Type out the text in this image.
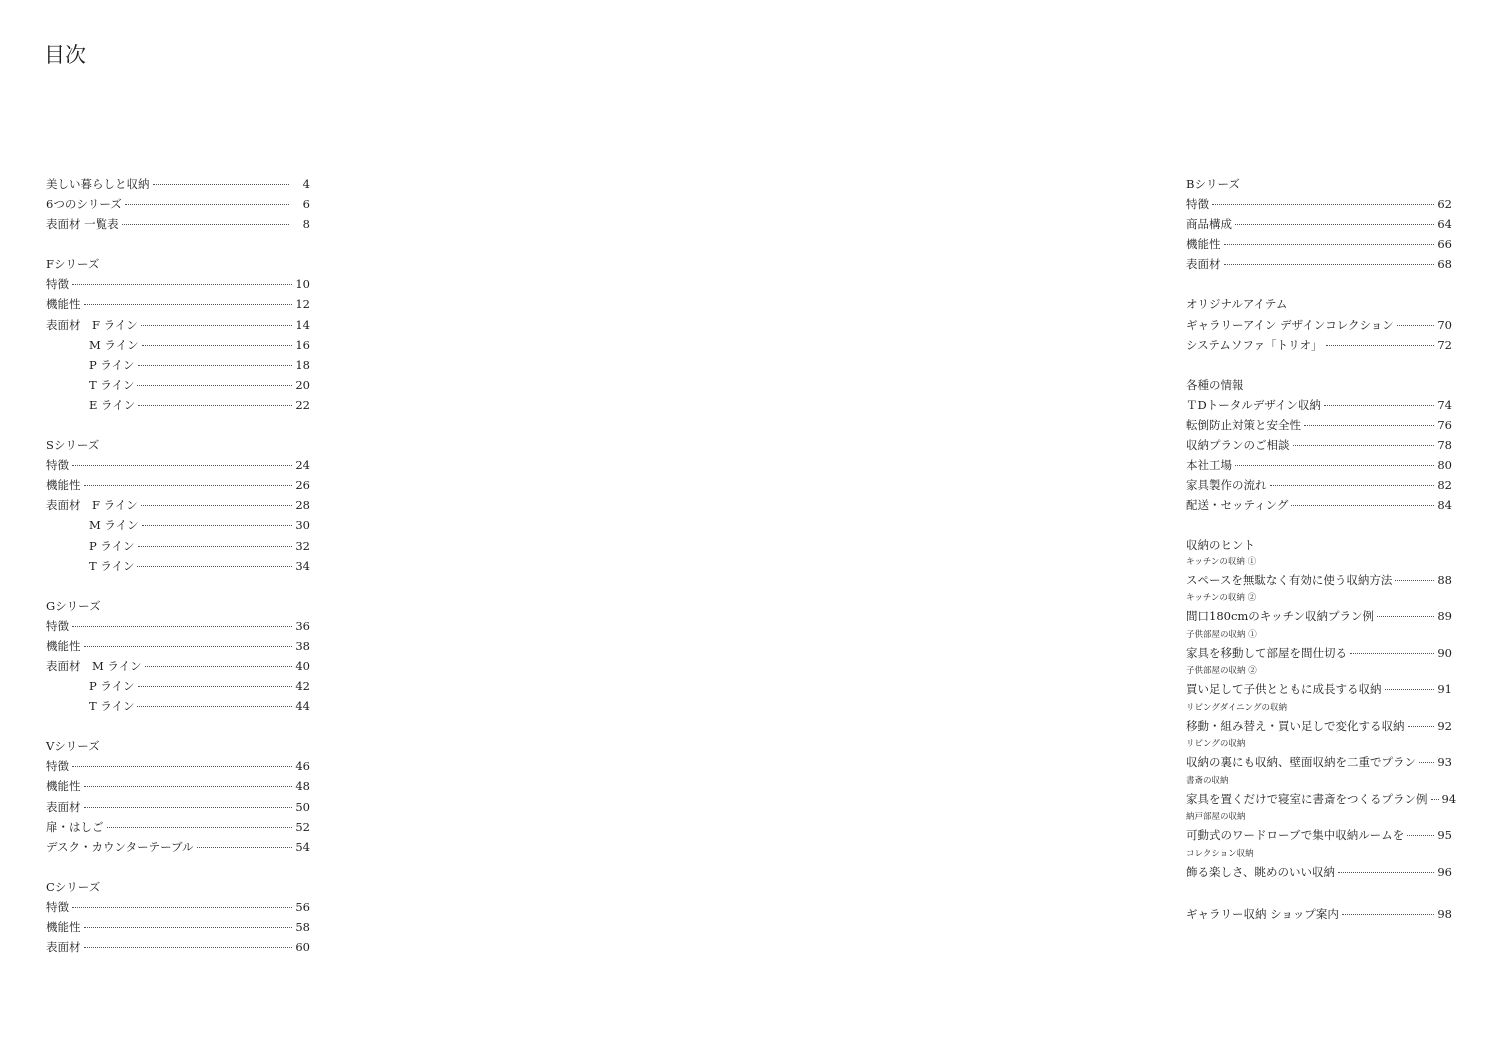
目次
美しい暮らしと収納	4
6つのシリーズ	6
表面材 一覧表	8
Fシリーズ
特徴	10
機能性	12
表面材　F ライン	14
M ライン	16
P ライン	18
T ライン	20
E ライン	22
Sシリーズ
特徴	24
機能性	26
表面材　F ライン	28
M ライン	30
P ライン	32
T ライン	34
Gシリーズ
特徴	36
機能性	38
表面材　M ライン	40
P ライン	42
T ライン	44
Vシリーズ
特徴	46
機能性	48
表面材	50
扉・はしご	52
デスク・カウンターテーブル	54
Cシリーズ
特徴	56
機能性	58
表面材	60
Bシリーズ
特徴	62
商品構成	64
機能性	66
表面材	68
オリジナルアイテム
ギャラリーアイン デザインコレクション	70
システムソファ「トリオ」	72
各種の情報
ＴDトータルデザイン収納	74
転倒防止対策と安全性	76
収納プランのご相談	78
本社工場	80
家具製作の流れ	82
配送・セッティング	84
収納のヒント
キッチンの収納 ①
スペースを無駄なく有効に使う収納方法	88
キッチンの収納 ②
間口180cmのキッチン収納プラン例	89
子供部屋の収納 ①
家具を移動して部屋を間仕切る	90
子供部屋の収納 ②
買い足して子供とともに成長する収納	91
リビングダイニングの収納
移動・組み替え・買い足しで変化する収納	92
リビングの収納
収納の裏にも収納、壁面収納を二重でプラン 93
書斎の収納
家具を置くだけで寝室に書斎をつくるプラン例 94
納戸部屋の収納
可動式のワードローブで集中収納ルームを	95
コレクション収納
飾る楽しさ、眺めのいい収納	96
ギャラリー収納 ショップ案内	98
